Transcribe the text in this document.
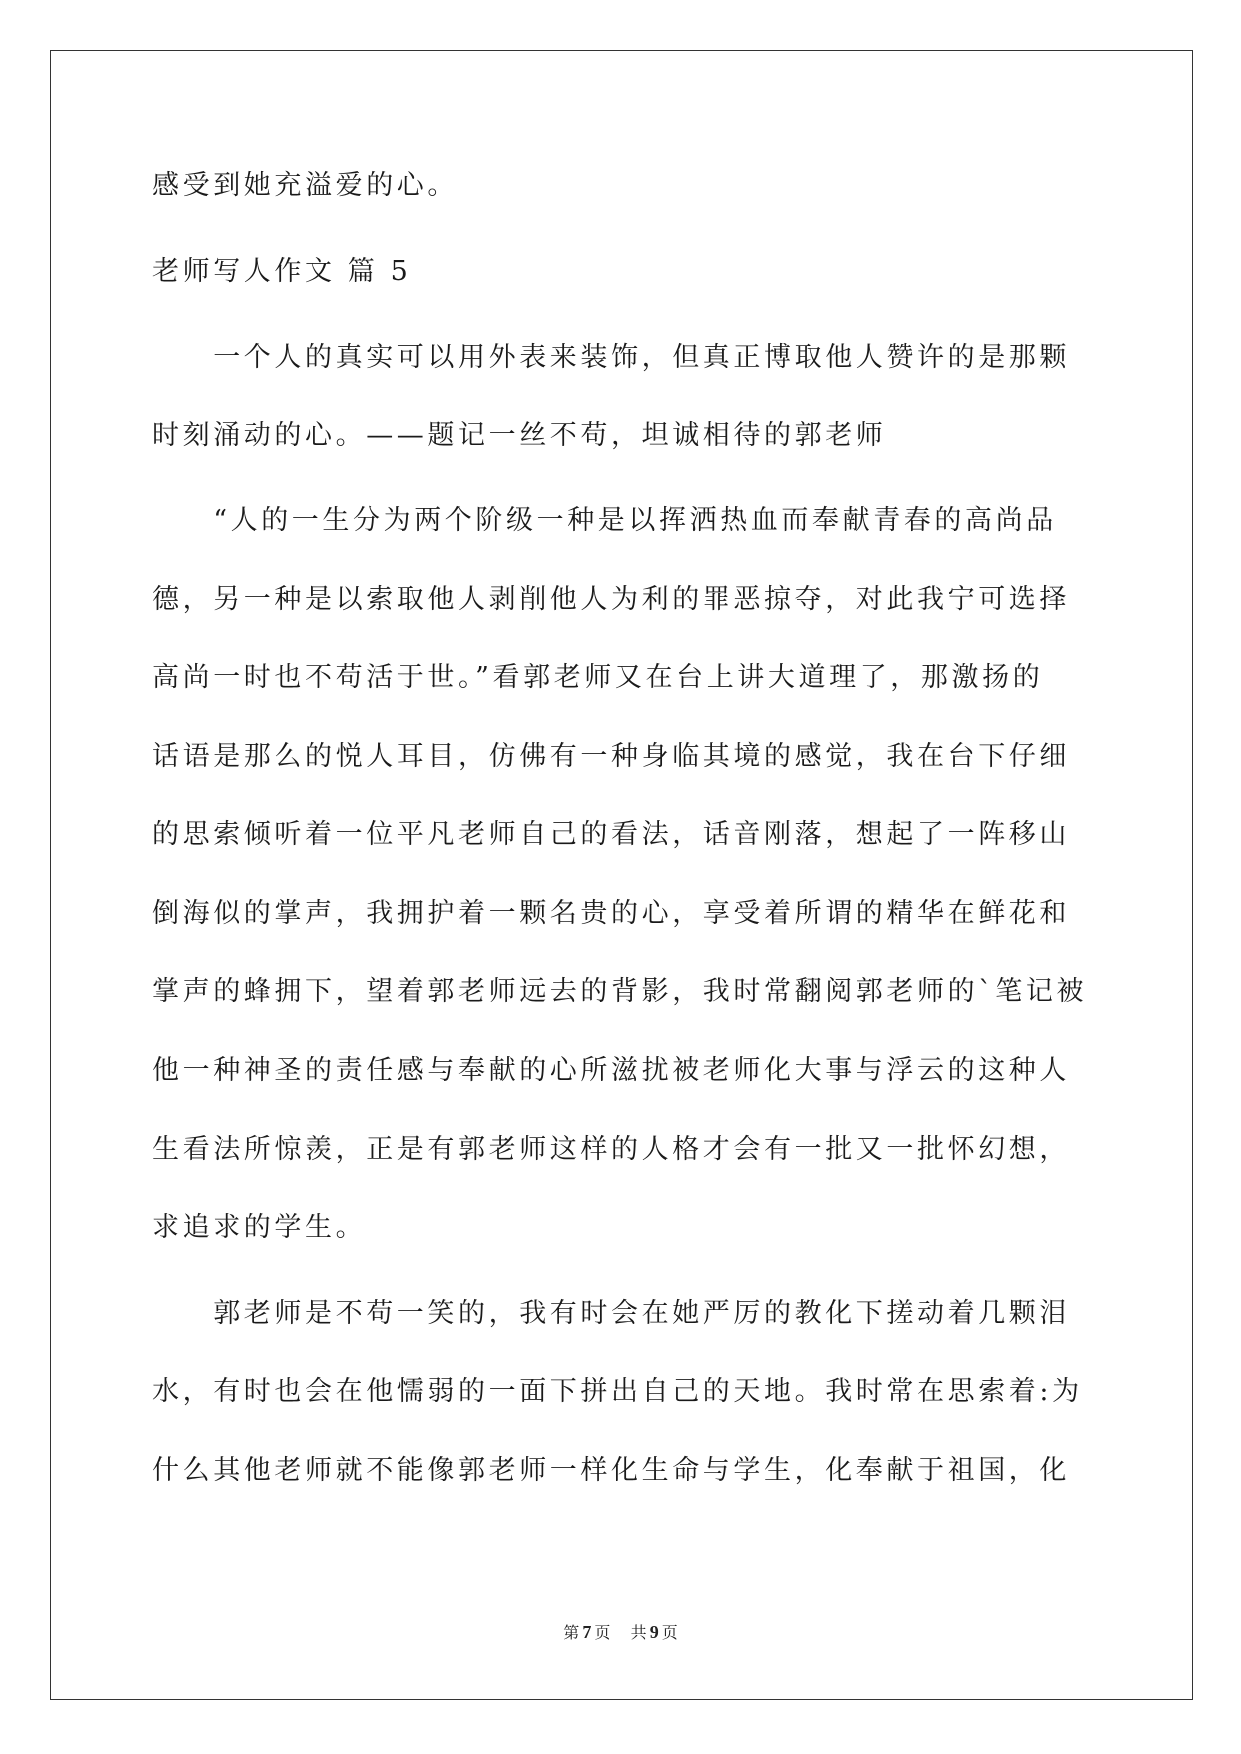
感受到她充溢爱的心。
老师写人作文 篇 5
　　一个人的真实可以用外表来装饰，但真正博取他人赞许的是那颗
时刻涌动的心。——题记一丝不苟，坦诚相待的郭老师
　　“人的一生分为两个阶级一种是以挥洒热血而奉献青春的高尚品
德，另一种是以索取他人剥削他人为利的罪恶掠夺，对此我宁可选择
高尚一时也不苟活于世。”看郭老师又在台上讲大道理了，那激扬的
话语是那么的悦人耳目，仿佛有一种身临其境的感觉，我在台下仔细
的思索倾听着一位平凡老师自己的看法，话音刚落，想起了一阵移山
倒海似的掌声，我拥护着一颗名贵的心，享受着所谓的精华在鲜花和
掌声的蜂拥下，望着郭老师远去的背影，我时常翻阅郭老师的`笔记被
他一种神圣的责任感与奉献的心所滋扰被老师化大事与浮云的这种人
生看法所惊羡，正是有郭老师这样的人格才会有一批又一批怀幻想，
求追求的学生。
　　郭老师是不苟一笑的，我有时会在她严厉的教化下搓动着几颗泪
水，有时也会在他懦弱的一面下拼出自己的天地。我时常在思索着:为
什么其他老师就不能像郭老师一样化生命与学生，化奉献于祖国，化
第 7 页 共 9 页
